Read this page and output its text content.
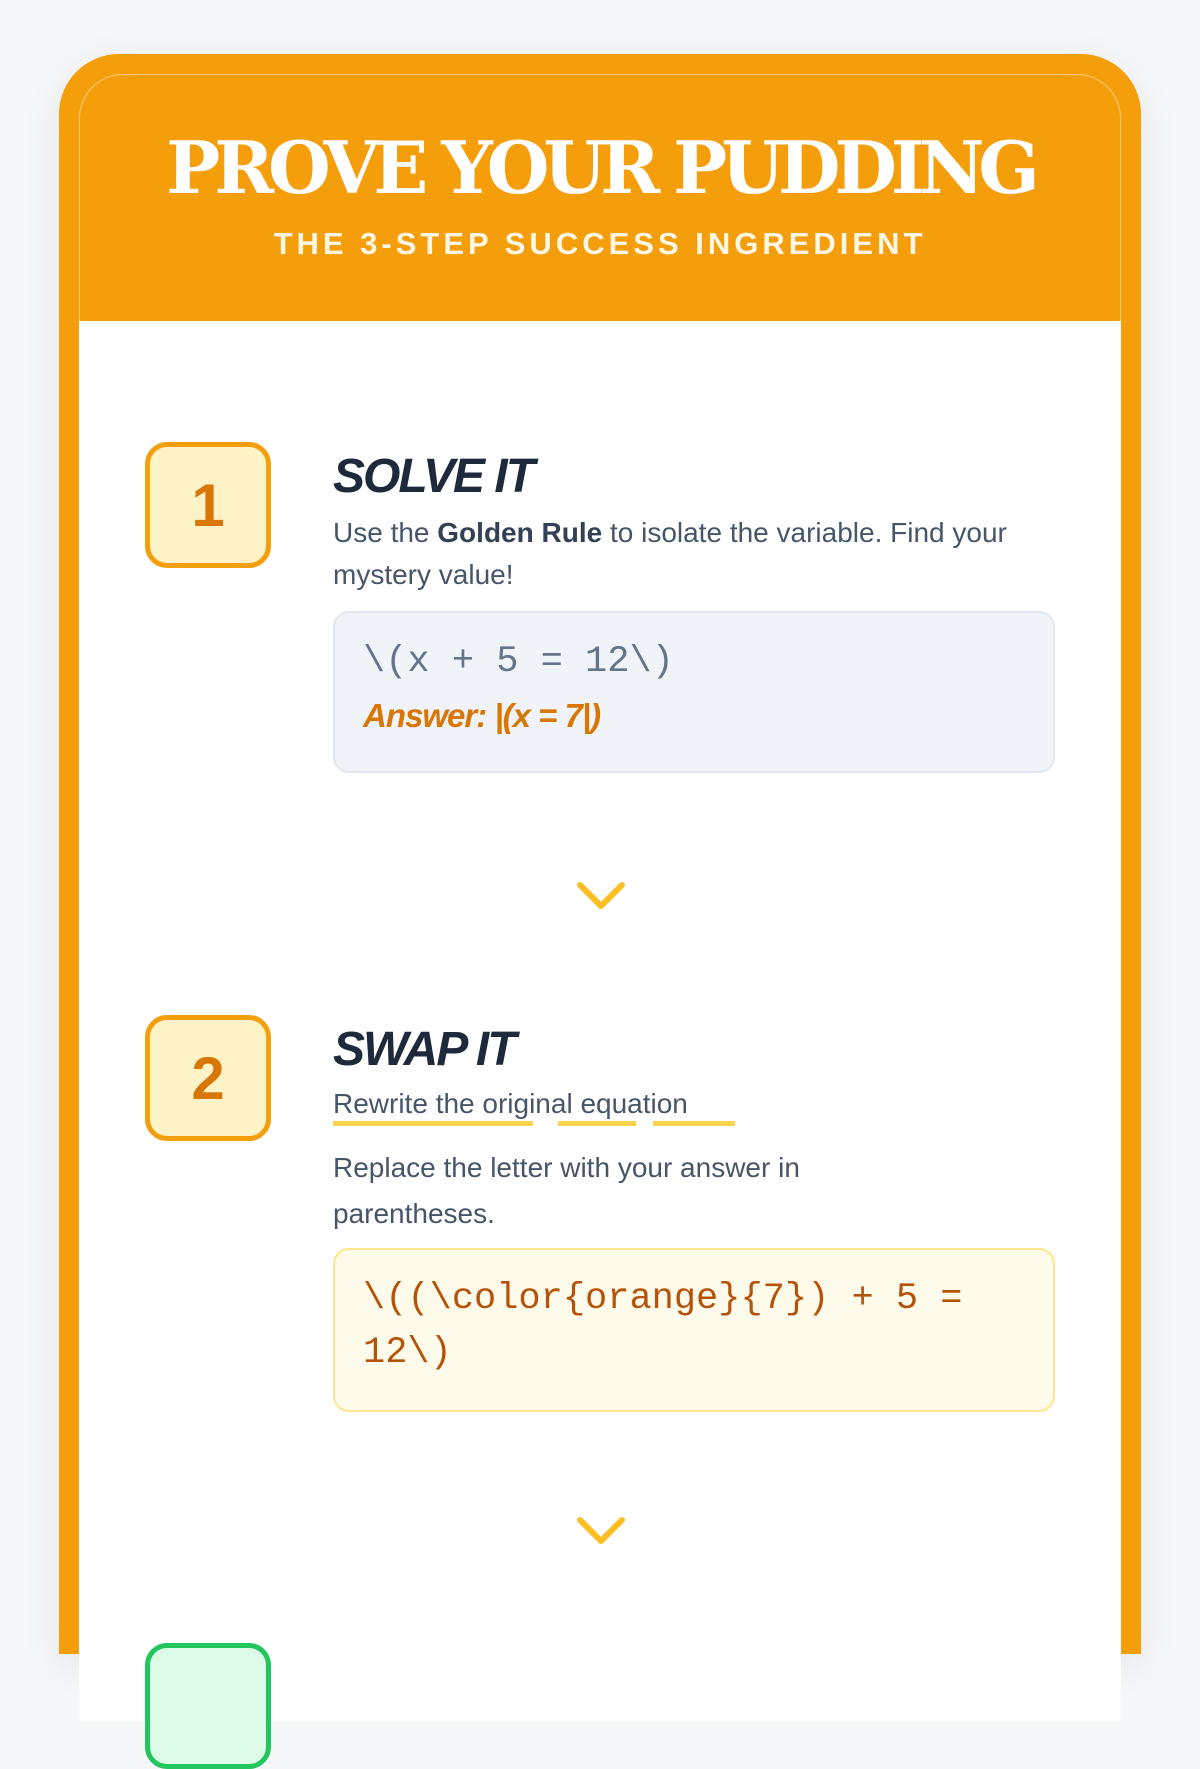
PROVE YOUR PUDDING
THE 3-STEP SUCCESS INGREDIENT
1	SOLVE IT
Use the Golden Rule to isolate the variable. Find your mystery value!
\(x + 5 = 12\)
Answer: |(x = 7|)
2	SWAP IT
Rewrite the original equation
Replace the letter with your answer in parentheses.
\((\color{orange}{7}) + 5 = 12\)
